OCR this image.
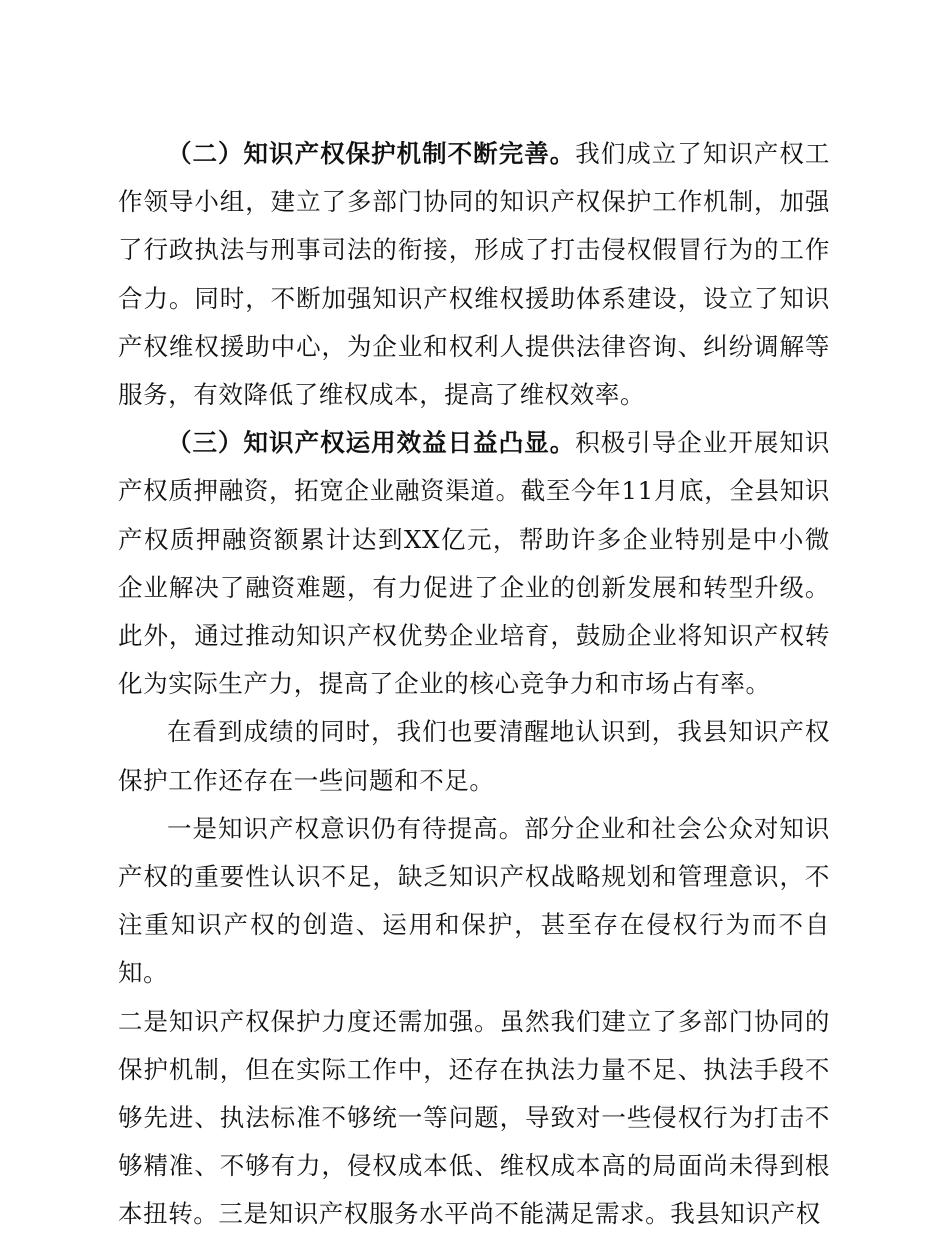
（二）知识产权保护机制不断完善。我们成立了知识产权工作领导小组，建立了多部门协同的知识产权保护工作机制，加强了行政执法与刑事司法的衔接，形成了打击侵权假冒行为的工作合力。同时，不断加强知识产权维权援助体系建设，设立了知识产权维权援助中心，为企业和权利人提供法律咨询、纠纷调解等服务，有效降低了维权成本，提高了维权效率。

（三）知识产权运用效益日益凸显。积极引导企业开展知识产权质押融资，拓宽企业融资渠道。截至今年11月底，全县知识产权质押融资额累计达到XX亿元，帮助许多企业特别是中小微企业解决了融资难题，有力促进了企业的创新发展和转型升级。此外，通过推动知识产权优势企业培育，鼓励企业将知识产权转化为实际生产力，提高了企业的核心竞争力和市场占有率。

在看到成绩的同时，我们也要清醒地认识到，我县知识产权保护工作还存在一些问题和不足。

一是知识产权意识仍有待提高。部分企业和社会公众对知识产权的重要性认识不足，缺乏知识产权战略规划和管理意识，不注重知识产权的创造、运用和保护，甚至存在侵权行为而不自知。

二是知识产权保护力度还需加强。虽然我们建立了多部门协同的保护机制，但在实际工作中，还存在执法力量不足、执法手段不够先进、执法标准不够统一等问题，导致对一些侵权行为打击不够精准、不够有力，侵权成本低、维权成本高的局面尚未得到根本扭转。三是知识产权服务水平尚不能满足需求。我县知识产权
